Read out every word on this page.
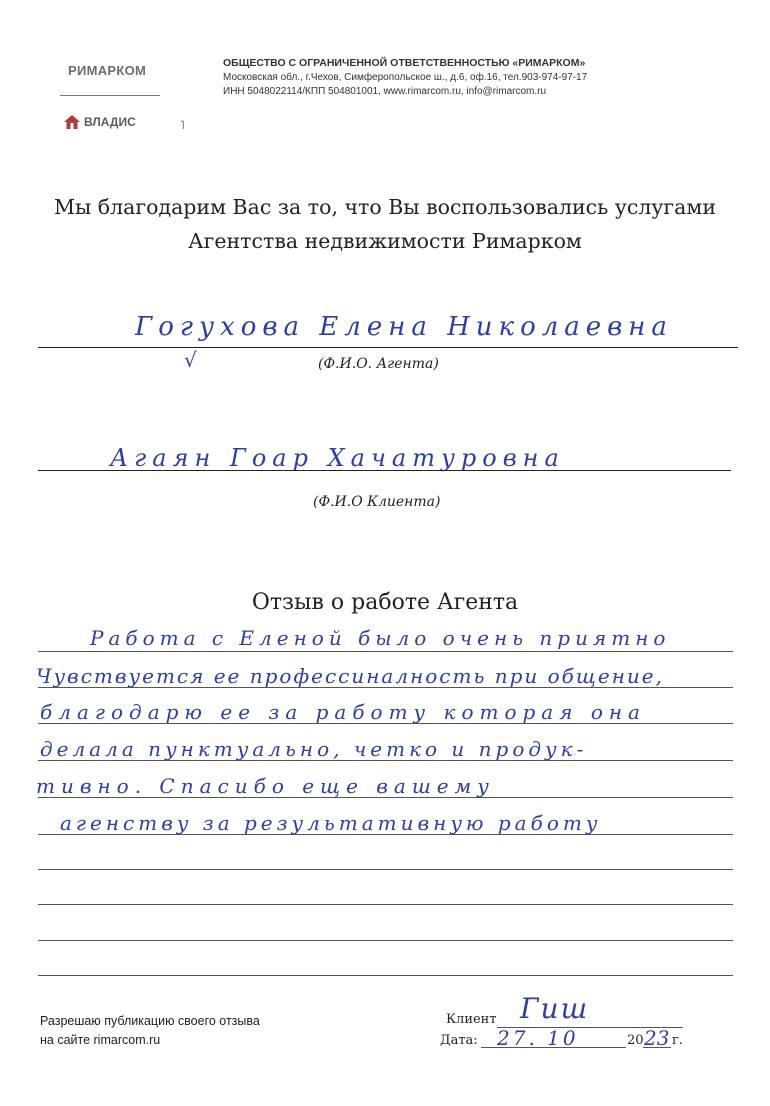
РИМАРКОМ
ВЛАДИС	˥
ОБЩЕСТВО С ОГРАНИЧЕННОЙ ОТВЕТСТВЕННОСТЬЮ «РИМАРКОМ»
Московская обл., г.Чехов, Симферопольское ш., д.6, оф.16, тел.903-974-97-17
ИНН 5048022114/КПП 504801001, www.rimarcom.ru, info@rimarcom.ru
Мы благодарим Вас за то, что Вы воспользовались услугами
Агентства недвижимости Римарком
Гогухова Елена Николаевна
√	(Ф.И.О. Агента)
Агаян Гоар Хачатуровна
(Ф.И.О Клиента)
Отзыв о работе Агента
Работа с Еленой было очень приятно
Чувствуется ее профессиналность при общение,
благодарю ее за работу которая она
делала пунктуально, четко и продук-
тивно. Спасибо еще вашему
агенству за результативную работу
Разрешаю публикацию своего отзыва
на сайте rimarcom.ru
Клиент Гиш
Дата: 27. 10	20 23 г.
